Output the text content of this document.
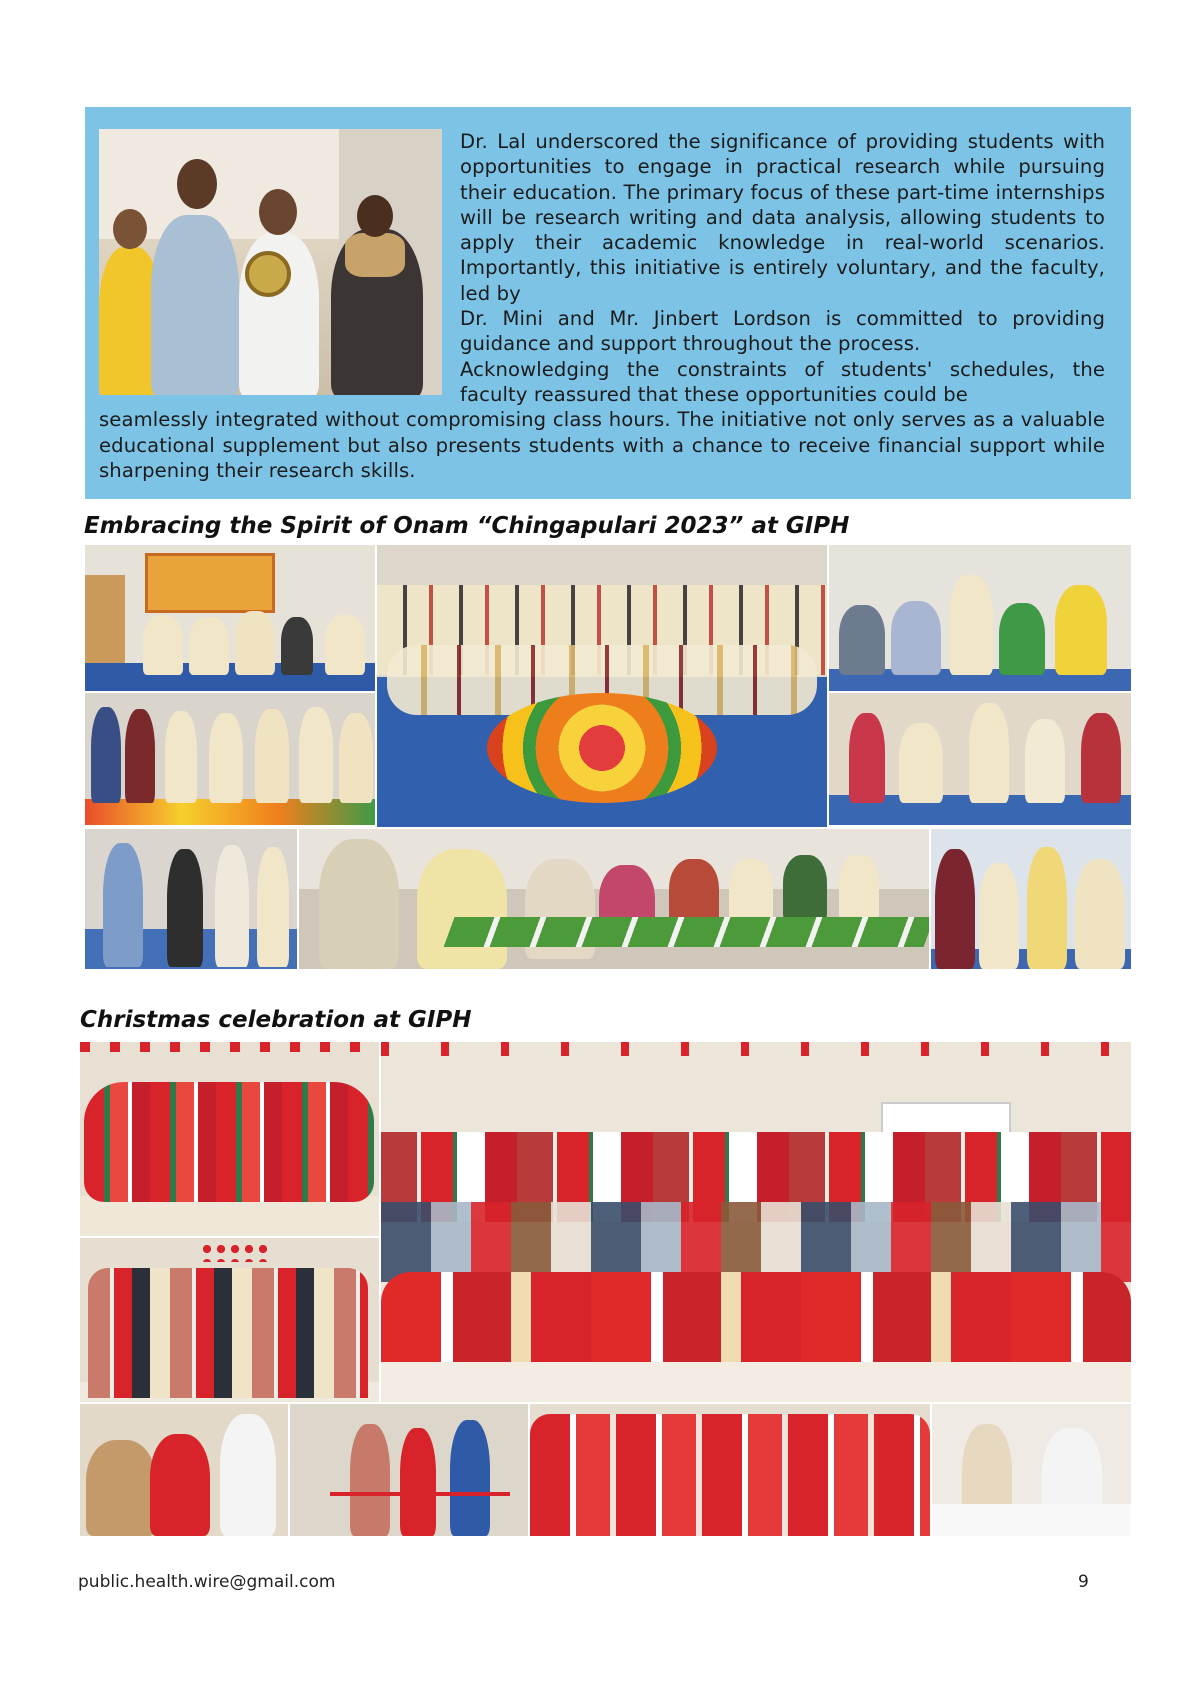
Dr. Lal underscored the significance of providing students with opportunities to engage in practical research while pursuing their education. The primary focus of these part-time internships will be research writing and data analysis, allowing students to apply their academic knowledge in real-world scenarios. Importantly, this initiative is entirely voluntary, and the faculty, led by
Dr. Mini and Mr. Jinbert Lordson is committed to providing guidance and support throughout the process.
Acknowledging the constraints of students' schedules, the faculty reassured that these opportunities could be
seamlessly integrated without compromising class hours. The initiative not only serves as a valuable educational supplement but also presents students with a chance to receive financial support while sharpening their research skills.
Embracing the Spirit of Onam “Chingapulari 2023” at GIPH
Christmas celebration at GIPH
public.health.wire@gmail.com	9
